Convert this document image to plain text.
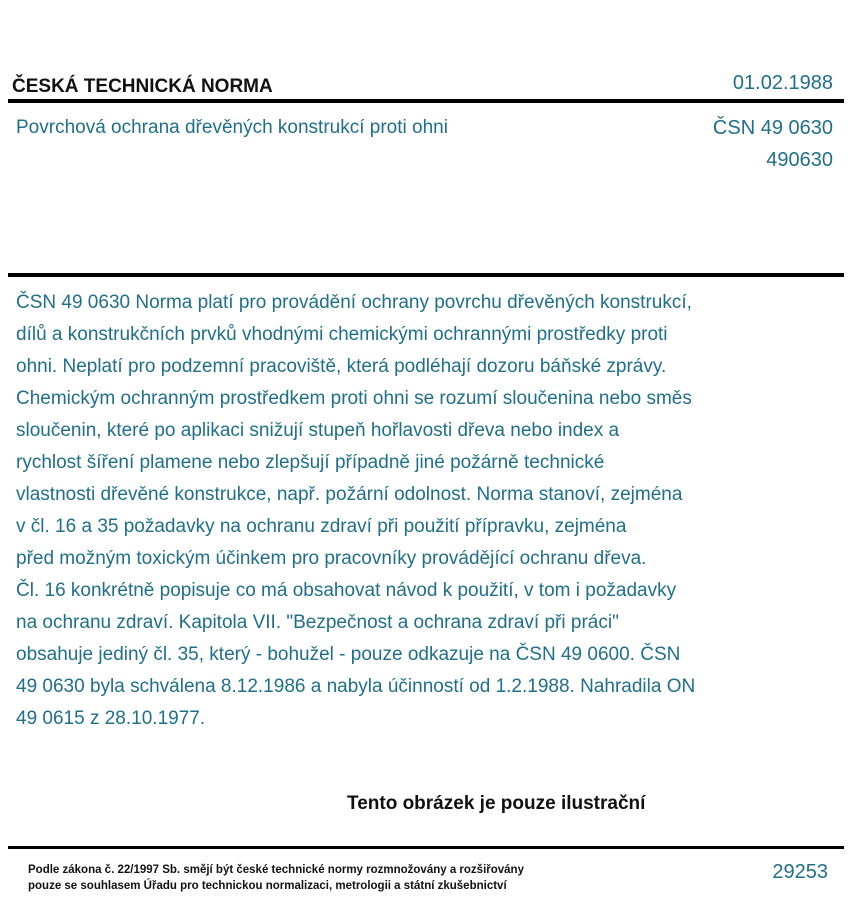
ČESKÁ TECHNICKÁ NORMA	01.02.1988
Povrchová ochrana dřevěných konstrukcí proti ohni	ČSN 49 0630
490630
ČSN 49 0630 Norma platí pro provádění ochrany povrchu dřevěných konstrukcí,
dílů a konstrukčních prvků vhodnými chemickými ochrannými prostředky proti
ohni. Neplatí pro podzemní pracoviště, která podléhají dozoru báňské zprávy.
Chemickým ochranným prostředkem proti ohni se rozumí sloučenina nebo směs
sloučenin, které po aplikaci snižují stupeň hořlavosti dřeva nebo index a
rychlost šíření plamene nebo zlepšují případně jiné požárně technické
vlastnosti dřevěné konstrukce, např. požární odolnost. Norma stanoví, zejména
v čl. 16 a 35 požadavky na ochranu zdraví při použití přípravku, zejména
před možným toxickým účinkem pro pracovníky provádějící ochranu dřeva.
Čl. 16 konkrétně popisuje co má obsahovat návod k použití, v tom i požadavky
na ochranu zdraví. Kapitola VII. "Bezpečnost a ochrana zdraví při práci"
obsahuje jediný čl. 35, který - bohužel - pouze odkazuje na ČSN 49 0600. ČSN
49 0630 byla schválena 8.12.1986 a nabyla účinností od 1.2.1988. Nahradila ON
49 0615 z 28.10.1977.
Tento obrázek je pouze ilustrační
Podle zákona č. 22/1997 Sb. smějí být české technické normy rozmnožovány a rozšiřovány
pouze se souhlasem Úřadu pro technickou normalizaci, metrologii a státní zkušebnictví
29253
